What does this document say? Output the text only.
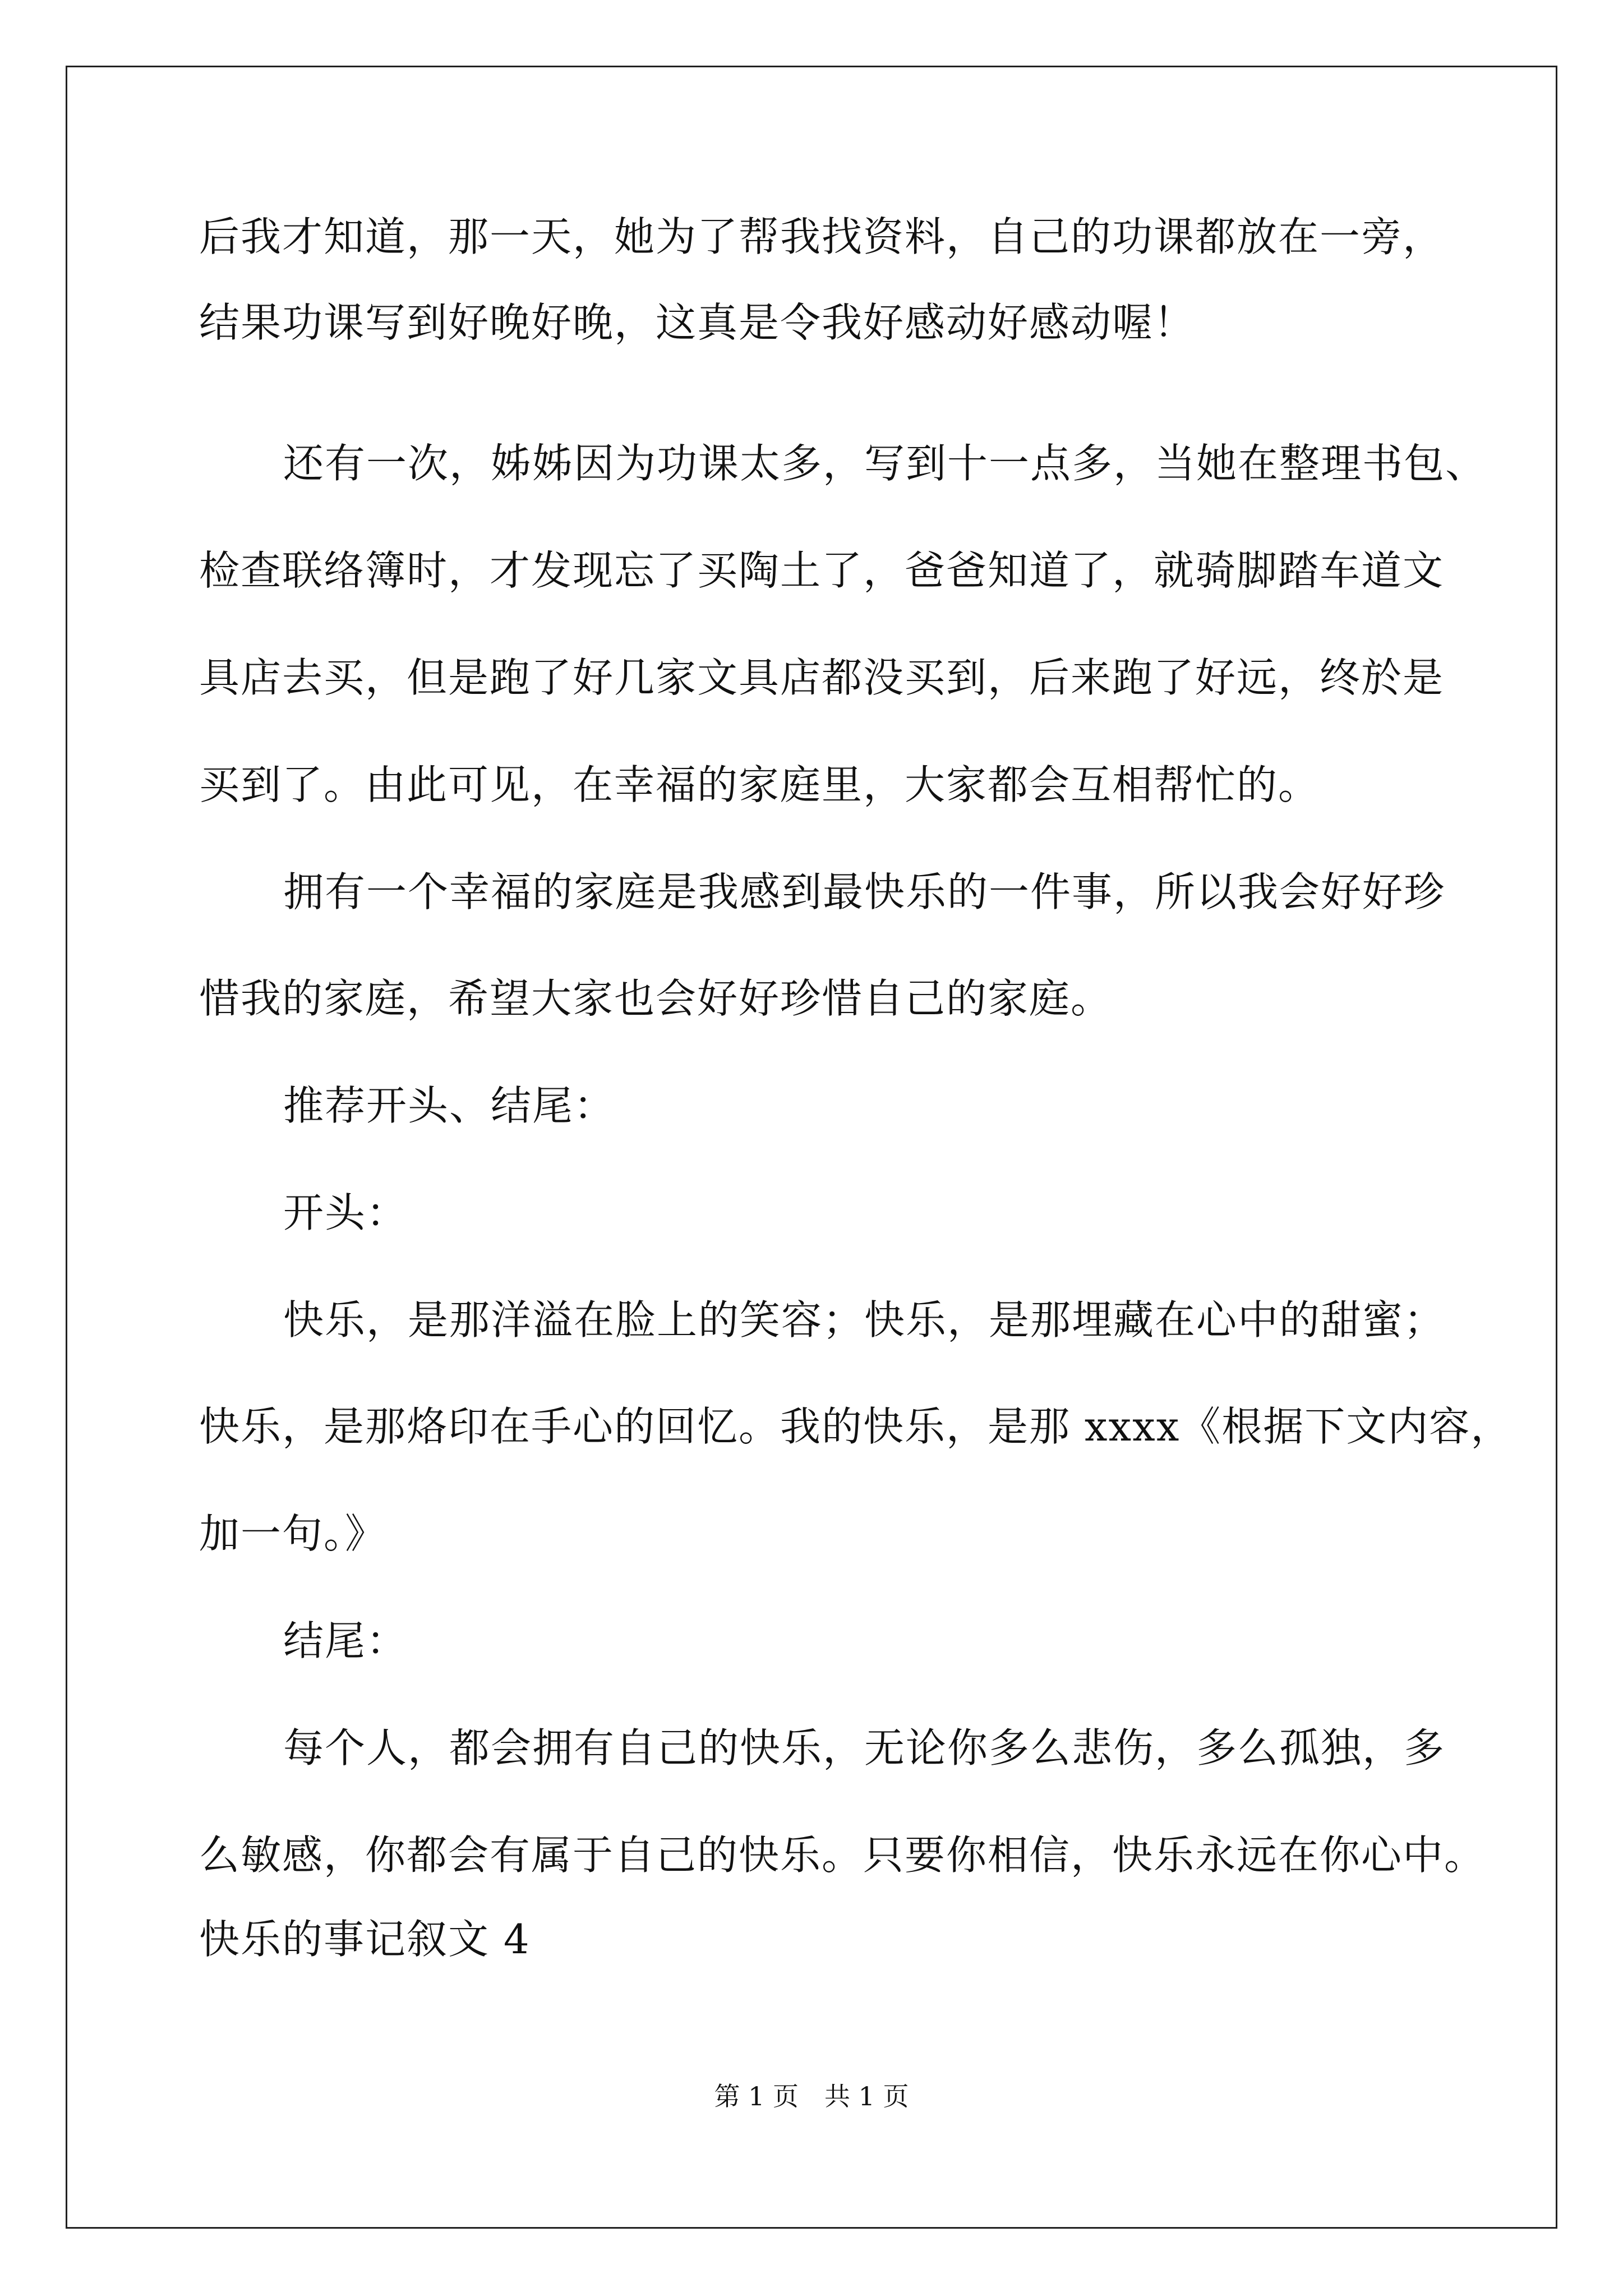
后我才知道，那一天，她为了帮我找资料，自己的功课都放在一旁，
结果功课写到好晚好晚，这真是令我好感动好感动喔！
还有一次，姊姊因为功课太多，写到十一点多，当她在整理书包、
检查联络簿时，才发现忘了买陶土了，爸爸知道了，就骑脚踏车道文
具店去买，但是跑了好几家文具店都没买到，后来跑了好远，终於是
买到了。由此可见，在幸福的家庭里，大家都会互相帮忙的。
拥有一个幸福的家庭是我感到最快乐的一件事，所以我会好好珍
惜我的家庭，希望大家也会好好珍惜自己的家庭。
推荐开头、结尾：
开头：
快乐，是那洋溢在脸上的笑容；快乐，是那埋藏在心中的甜蜜；
快乐，是那烙印在手心的回忆。我的快乐，是那 xxxx《根据下文内容，
加一句。》
结尾：
每个人，都会拥有自己的快乐，无论你多么悲伤，多么孤独，多
么敏感，你都会有属于自己的快乐。只要你相信，快乐永远在你心中。
快乐的事记叙文 4
第 1 页　共 1 页
